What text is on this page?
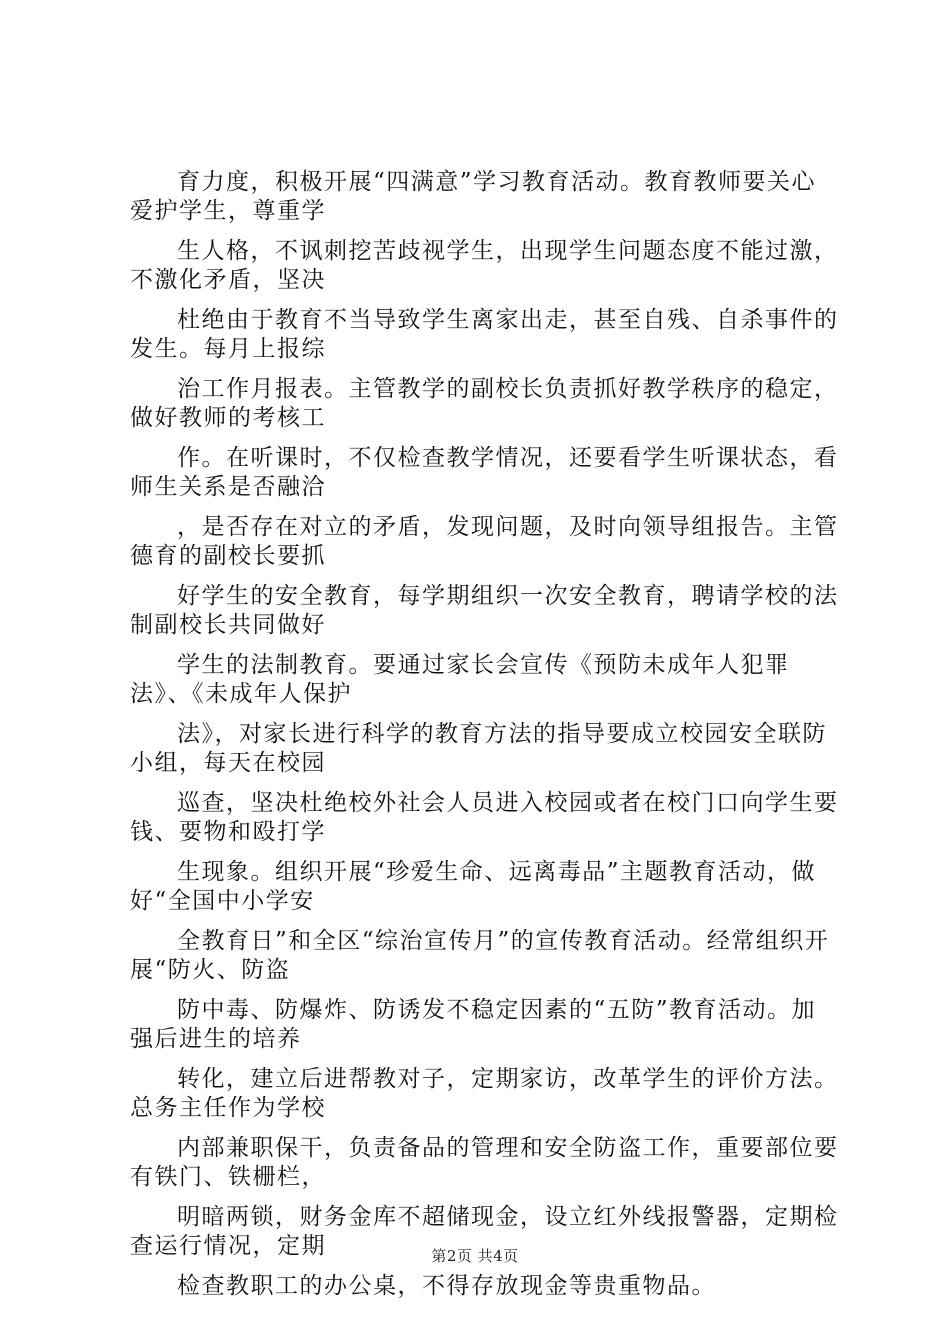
育力度，积极开展“四满意”学习教育活动。教育教师要关心爱护学生，尊重学

生人格，不讽刺挖苦歧视学生，出现学生问题态度不能过激，不激化矛盾，坚决

杜绝由于教育不当导致学生离家出走，甚至自残、自杀事件的发生。每月上报综

治工作月报表。主管教学的副校长负责抓好教学秩序的稳定，做好教师的考核工

作。在听课时，不仅检查教学情况，还要看学生听课状态，看师生关系是否融洽

，是否存在对立的矛盾，发现问题，及时向领导组报告。主管德育的副校长要抓

好学生的安全教育，每学期组织一次安全教育，聘请学校的法制副校长共同做好

学生的法制教育。要通过家长会宣传《预防未成年人犯罪法》、《未成年人保护

法》，对家长进行科学的教育方法的指导要成立校园安全联防小组，每天在校园

巡查，坚决杜绝校外社会人员进入校园或者在校门口向学生要钱、要物和殴打学

生现象。组织开展“珍爱生命、远离毒品”主题教育活动，做好“全国中小学安

全教育日”和全区“综治宣传月”的宣传教育活动。经常组织开展“防火、防盗

防中毒、防爆炸、防诱发不稳定因素的“五防”教育活动。加强后进生的培养

转化，建立后进帮教对子，定期家访，改革学生的评价方法。总务主任作为学校

内部兼职保干，负责备品的管理和安全防盗工作，重要部位要有铁门、铁栅栏，

明暗两锁，财务金库不超储现金，设立红外线报警器，定期检查运行情况，定期

检查教职工的办公桌，不得存放现金等贵重物品。

第2页 共4页
